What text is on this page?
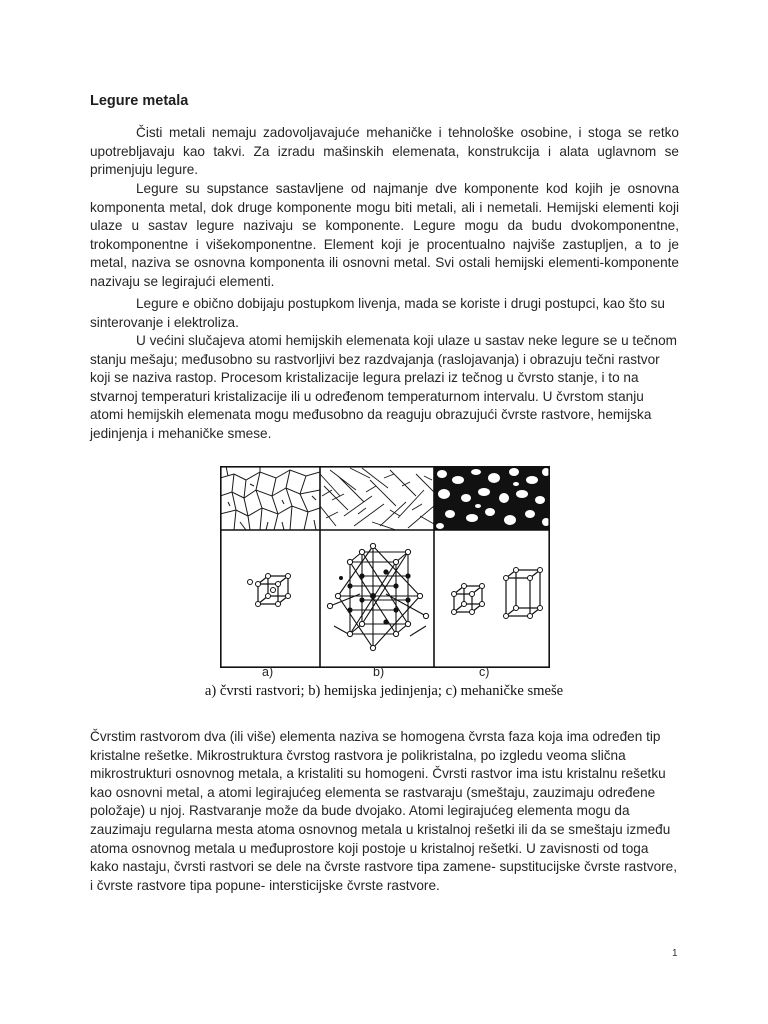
Legure metala

Čisti metali nemaju zadovoljavajuće mehaničke i tehnološke osobine, i stoga se retko upotrebljavaju kao takvi. Za izradu mašinskih elemenata, konstrukcija i alata uglavnom se primenjuju legure.

Legure su supstance sastavljene od najmanje dve komponente kod kojih je osnovna komponenta metal, dok druge komponente mogu biti metali, ali i nemetali. Hemijski elementi koji ulaze u sastav legure nazivaju se komponente. Legure mogu da budu dvokomponentne, trokomponentne i višekomponentne. Element koji je procentualno najviše zastupljen, a to je metal, naziva se osnovna komponenta ili osnovni metal. Svi ostali hemijski elementi-komponente nazivaju se legirajući elementi.

Legure e obično dobijaju postupkom livenja, mada se koriste i drugi postupci, kao što su sinterovanje i elektroliza.

U većini slučajeva atomi hemijskih elemenata koji ulaze u sastav neke legure se u tečnom stanju mešaju; međusobno su rastvorljivi bez razdvajanja (raslojavanja) i obrazuju tečni rastvor koji se naziva rastop. Procesom kristalizacije legura prelazi iz tečnog u čvrsto stanje, i to na stvarnoj temperaturi kristalizacije ili u određenom temperaturnom intervalu. U čvrstom stanju atomi hemijskih elemenata mogu međusobno da reaguju obrazujući čvrste rastvore, hemijska jedinjenja i mehaničke smese.

a)	b)	c)
a) čvrsti rastvori; b) hemijska jedinjenja; c) mehaničke smeše

Čvrstim rastvorom dva (ili više) elementa naziva se homogena čvrsta faza koja ima određen tip kristalne rešetke. Mikrostruktura čvrstog rastvora je polikristalna, po izgledu veoma slična mikrostrukturi osnovnog metala, a kristaliti su homogeni. Čvrsti rastvor ima istu kristalnu rešetku kao osnovni metal, a atomi legirajućeg elementa se rastvaraju (smeštaju, zauzimaju određene položaje) u njoj. Rastvaranje može da bude dvojako. Atomi legirajućeg elementa mogu da zauzimaju regularna mesta atoma osnovnog metala u kristalnoj rešetki ili da se smeštaju između atoma osnovnog metala u međuprostore koji postoje u kristalnoj rešetki. U zavisnosti od toga kako nastaju, čvrsti rastvori se dele na čvrste rastvore tipa zamene- supstitucijske čvrste rastvore, i čvrste rastvore tipa popune- intersticijske čvrste rastvore.

1
